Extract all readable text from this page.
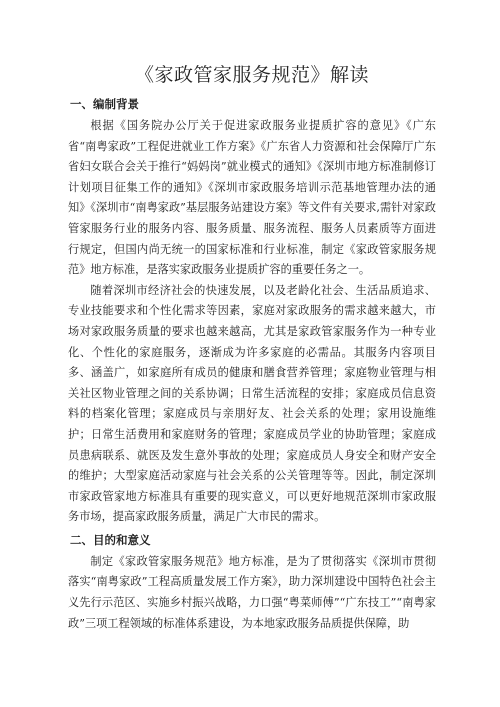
《家政管家服务规范》解读
一、编制背景

根据《国务院办公厅关于促进家政服务业提质扩容的意见》《广东省“南粤家政”工程促进就业工作方案》《广东省人力资源和社会保障厅广东省妇女联合会关于推行“妈妈岗”就业模式的通知》《深圳市地方标准制修订计划项目征集工作的通知》《深圳市家政服务培训示范基地管理办法的通知》《深圳市“南粤家政”基层服务站建设方案》等文件有关要求,需针对家政管家服务行业的服务内容、服务质量、服务流程、服务人员素质等方面进行规定，但国内尚无统一的国家标准和行业标准，制定《家政管家服务规范》地方标准，是落实家政服务业提质扩容的重要任务之一。

随着深圳市经济社会的快速发展，以及老龄化社会、生活品质追求、专业技能要求和个性化需求等因素，家庭对家政服务的需求越来越大，市场对家政服务质量的要求也越来越高，尤其是家政管家服务作为一种专业化、个性化的家庭服务，逐渐成为许多家庭的必需品。其服务内容项目多、涵盖广，如家庭所有成员的健康和膳食营养管理；家庭物业管理与相关社区物业管理之间的关系协调；日常生活流程的安排；家庭成员信息资料的档案化管理；家庭成员与亲朋好友、社会关系的处理；家用设施维护；日常生活费用和家庭财务的管理；家庭成员学业的协助管理；家庭成员患病联系、就医及发生意外事故的处理；家庭成员人身安全和财产安全的维护；大型家庭活动家庭与社会关系的公关管理等等。因此，制定深圳市家政管家地方标准具有重要的现实意义，可以更好地规范深圳市家政服务市场，提高家政服务质量，满足广大市民的需求。

二、目的和意义

制定《家政管家服务规范》地方标准，是为了贯彻落实《深圳市贯彻落实“南粤家政”工程高质量发展工作方案》，助力深圳建设中国特色社会主义先行示范区、实施乡村振兴战略，力口强“粤菜师傅”“广东技工”“南粤家政”三项工程领域的标准体系建设，为本地家政服务品质提供保障，助
